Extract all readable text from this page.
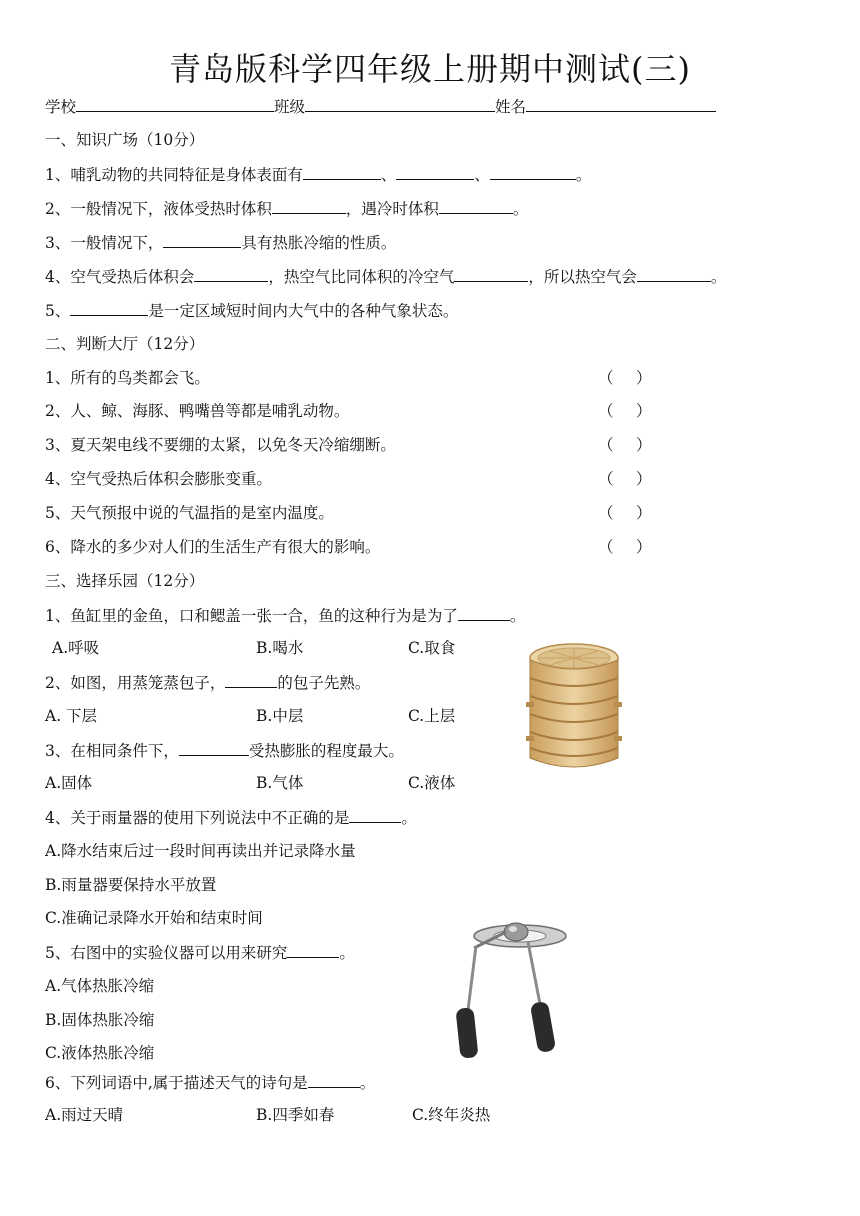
青岛版科学四年级上册期中测试(三)
学校	班级	姓名
一、知识广场（10分）
1、哺乳动物的共同特征是身体表面有	、	、	。
2、一般情况下，液体受热时体积	，遇冷时体积	。
3、一般情况下，	具有热胀冷缩的性质。
4、空气受热后体积会	，热空气比同体积的冷空气	，所以热空气会	。
5、	是一定区域短时间内大气中的各种气象状态。
二、判断大厅（12分）
1、所有的鸟类都会飞。	（ ）
2、人、鲸、海豚、鸭嘴兽等都是哺乳动物。	（ ）
3、夏天架电线不要绷的太紧，以免冬天冷缩绷断。	（ ）
4、空气受热后体积会膨胀变重。	（ ）
5、天气预报中说的气温指的是室内温度。	（ ）
6、降水的多少对人们的生活生产有很大的影响。	（ ）
三、选择乐园（12分）
1、鱼缸里的金鱼，口和鳃盖一张一合，鱼的这种行为是为了	。
A.呼吸	B.喝水	C.取食
2、如图，用蒸笼蒸包子，	的包子先熟。
A. 下层	B.中层	C.上层
3、在相同条件下，	受热膨胀的程度最大。
A.固体	B.气体	C.液体
4、关于雨量器的使用下列说法中不正确的是	。
A.降水结束后过一段时间再读出并记录降水量
B.雨量器要保持水平放置
C.准确记录降水开始和结束时间
5、右图中的实验仪器可以用来研究	。
A.气体热胀冷缩
B.固体热胀冷缩
C.液体热胀冷缩
6、下列词语中,属于描述天气的诗句是	。
A.雨过天晴	B.四季如春	C.终年炎热
